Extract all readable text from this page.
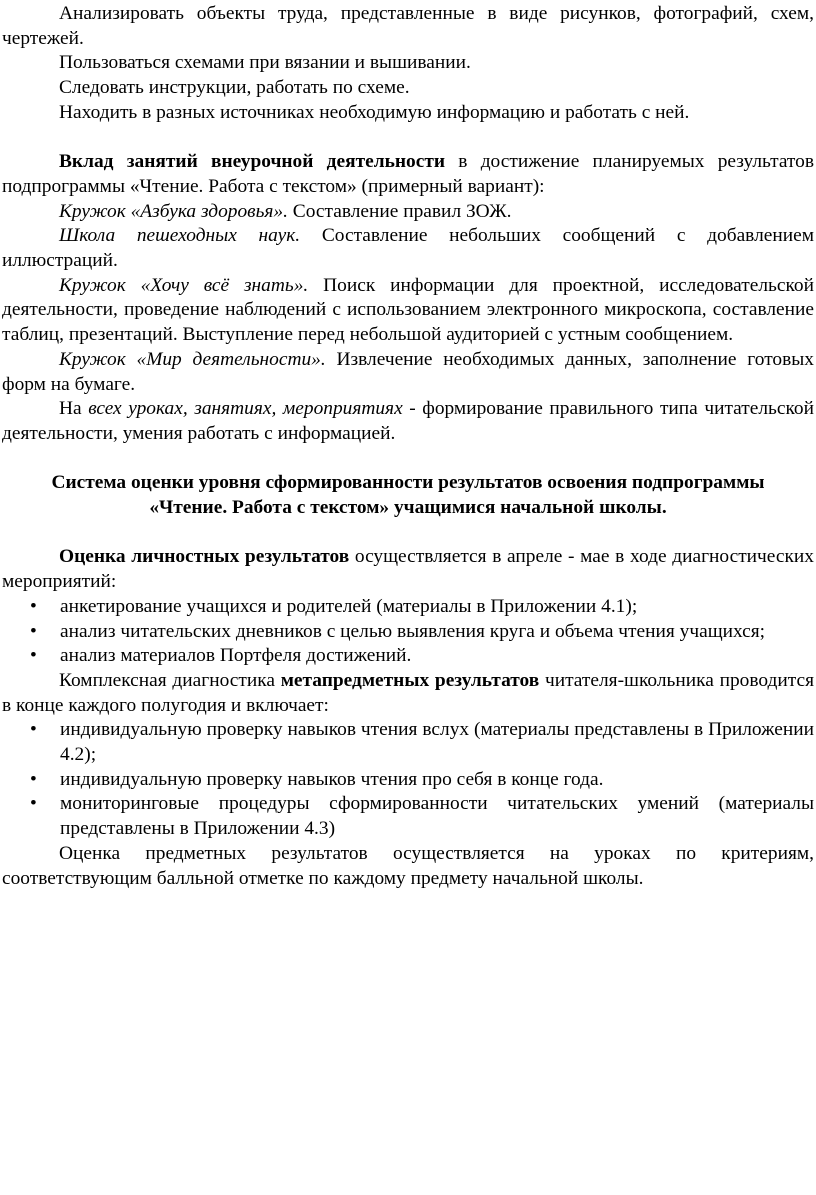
Анализировать объекты труда, представленные в виде рисунков, фотографий, схем, чертежей.

Пользоваться схемами при вязании и вышивании.

Следовать инструкции, работать по схеме.

Находить в разных источниках необходимую информацию и работать с ней.

Вклад занятий внеурочной деятельности в достижение планируемых результатов подпрограммы «Чтение. Работа с текстом» (примерный вариант):

Кружок «Азбука здоровья». Составление правил ЗОЖ.

Школа пешеходных наук. Составление небольших сообщений с добавлением иллюстраций.

Кружок «Хочу всё знать». Поиск информации для проектной, исследовательской деятельности, проведение наблюдений с использованием электронного микроскопа, составление таблиц, презентаций. Выступление перед небольшой аудиторией с устным сообщением.

Кружок «Мир деятельности». Извлечение необходимых данных, заполнение готовых форм на бумаге.

На всех уроках, занятиях, мероприятиях - формирование правильного типа читательской деятельности, умения работать с информацией.

Система оценки уровня сформированности результатов освоения подпрограммы

«Чтение. Работа с текстом» учащимися начальной школы.

Оценка личностных результатов осуществляется в апреле - мае в ходе диагностических мероприятий:

• анкетирование учащихся и родителей (материалы в Приложении 4.1);
• анализ читательских дневников с целью выявления круга и объема чтения учащихся;
• анализ материалов Портфеля достижений.

Комплексная диагностика метапредметных результатов читателя-школьника проводится в конце каждого полугодия и включает:

• индивидуальную проверку навыков чтения вслух (материалы представлены в Приложении 4.2);
• индивидуальную проверку навыков чтения про себя в конце года.
• мониторинговые процедуры сформированности читательских умений (материалы представлены в Приложении 4.3)

Оценка предметных результатов осуществляется на уроках по критериям, соответствующим балльной отметке по каждому предмету начальной школы.
